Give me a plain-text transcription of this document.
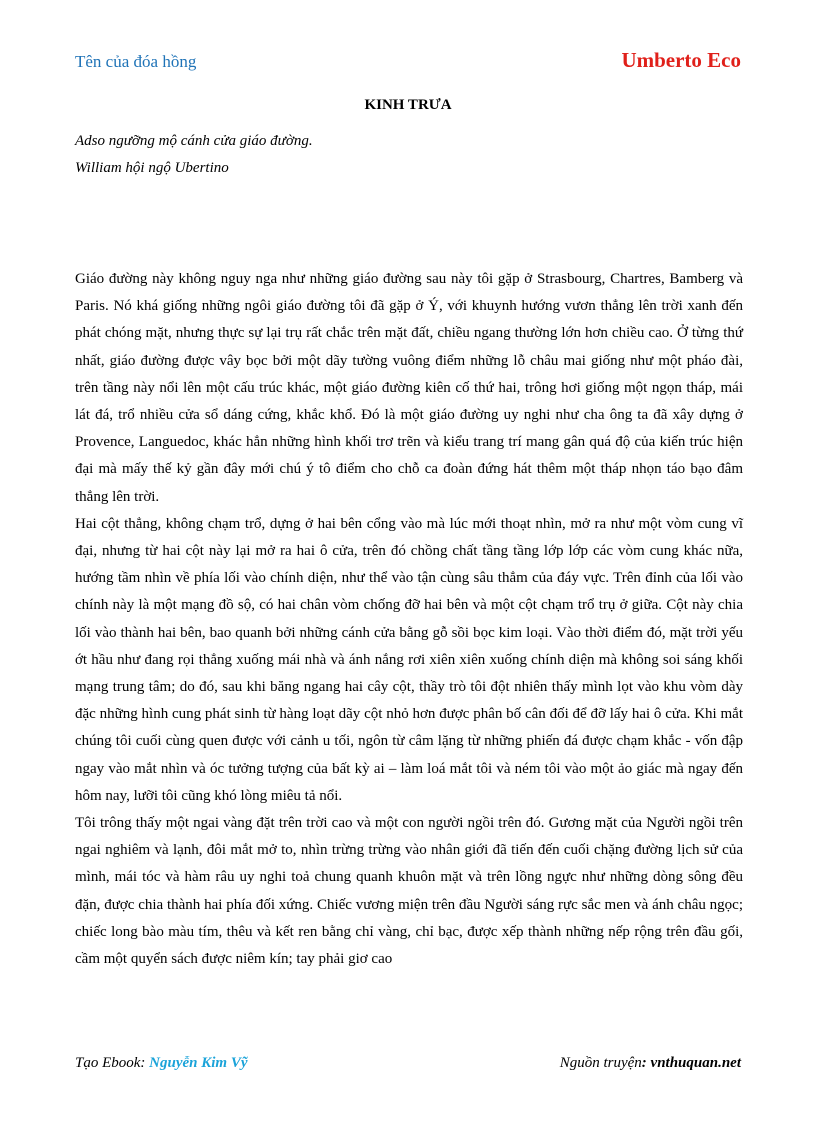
Tên của đóa hồng	Umberto Eco
KINH TRƯA
Adso ngưỡng mộ cánh cửa giáo đường.
William hội ngộ Ubertino

Giáo đường này không nguy nga như những giáo đường sau này tôi gặp ở Strasbourg, Chartres, Bamberg và Paris. Nó khá giống những ngôi giáo đường tôi đã gặp ở Ý, với khuynh hướng vươn thẳng lên trời xanh đến phát chóng mặt, nhưng thực sự lại trụ rất chắc trên mặt đất, chiều ngang thường lớn hơn chiều cao. Ở từng thứ nhất, giáo đường được vây bọc bởi một dãy tường vuông điểm những lỗ châu mai giống như một pháo đài, trên tầng này nổi lên một cấu trúc khác, một giáo đường kiên cố thứ hai, trông hơi giống một ngọn tháp, mái lát đá, trổ nhiều cửa sổ dáng cứng, khắc khổ. Đó là một giáo đường uy nghi như cha ông ta đã xây dựng ở Provence, Languedoc, khác hẳn những hình khối trơ trẽn và kiểu trang trí mang gân quá độ của kiến trúc hiện đại mà mấy thế kỷ gần đây mới chú ý tô điểm cho chỗ ca đoàn đứng hát thêm một tháp nhọn táo bạo đâm thẳng lên trời.

Hai cột thẳng, không chạm trổ, dựng ở hai bên cổng vào mà lúc mới thoạt nhìn, mở ra như một vòm cung vĩ đại, nhưng từ hai cột này lại mở ra hai ô cửa, trên đó chồng chất tầng tầng lớp lớp các vòm cung khác nữa, hướng tầm nhìn về phía lối vào chính diện, như thể vào tận cùng sâu thẳm của đáy vực. Trên đỉnh của lối vào chính này là một mạng đồ sộ, có hai chân vòm chống đỡ hai bên và một cột chạm trổ trụ ở giữa. Cột này chia lối vào thành hai bên, bao quanh bởi những cánh cửa bằng gỗ sồi bọc kim loại. Vào thời điểm đó, mặt trời yếu ớt hầu như đang rọi thẳng xuống mái nhà và ánh nắng rơi xiên xiên xuống chính diện mà không soi sáng khối mạng trung tâm; do đó, sau khi băng ngang hai cây cột, thầy trò tôi đột nhiên thấy mình lọt vào khu vòm dày đặc những hình cung phát sinh từ hàng loạt dãy cột nhỏ hơn được phân bố cân đối để đỡ lấy hai ô cửa. Khi mắt chúng tôi cuối cùng quen được với cảnh u tối, ngôn từ câm lặng từ những phiến đá được chạm khắc - vốn đập ngay vào mắt nhìn và óc tưởng tượng của bất kỳ ai – làm loá mắt tôi và ném tôi vào một ảo giác mà ngay đến hôm nay, lưỡi tôi cũng khó lòng miêu tả nổi.

Tôi trông thấy một ngai vàng đặt trên trời cao và một con người ngồi trên đó. Gương mặt của Người ngồi trên ngai nghiêm và lạnh, đôi mắt mở to, nhìn trừng trừng vào nhân giới đã tiến đến cuối chặng đường lịch sử của mình, mái tóc và hàm râu uy nghi toả chung quanh khuôn mặt và trên lồng ngực như những dòng sông đều đặn, được chia thành hai phía đối xứng. Chiếc vương miện trên đầu Người sáng rực sắc men và ánh châu ngọc; chiếc long bào màu tím, thêu và kết ren bằng chỉ vàng, chỉ bạc, được xếp thành những nếp rộng trên đầu gối, cầm một quyển sách được niêm kín; tay phải giơ cao

Tạo Ebook: Nguyễn Kim Vỹ	Nguồn truyện: vnthuquan.net
